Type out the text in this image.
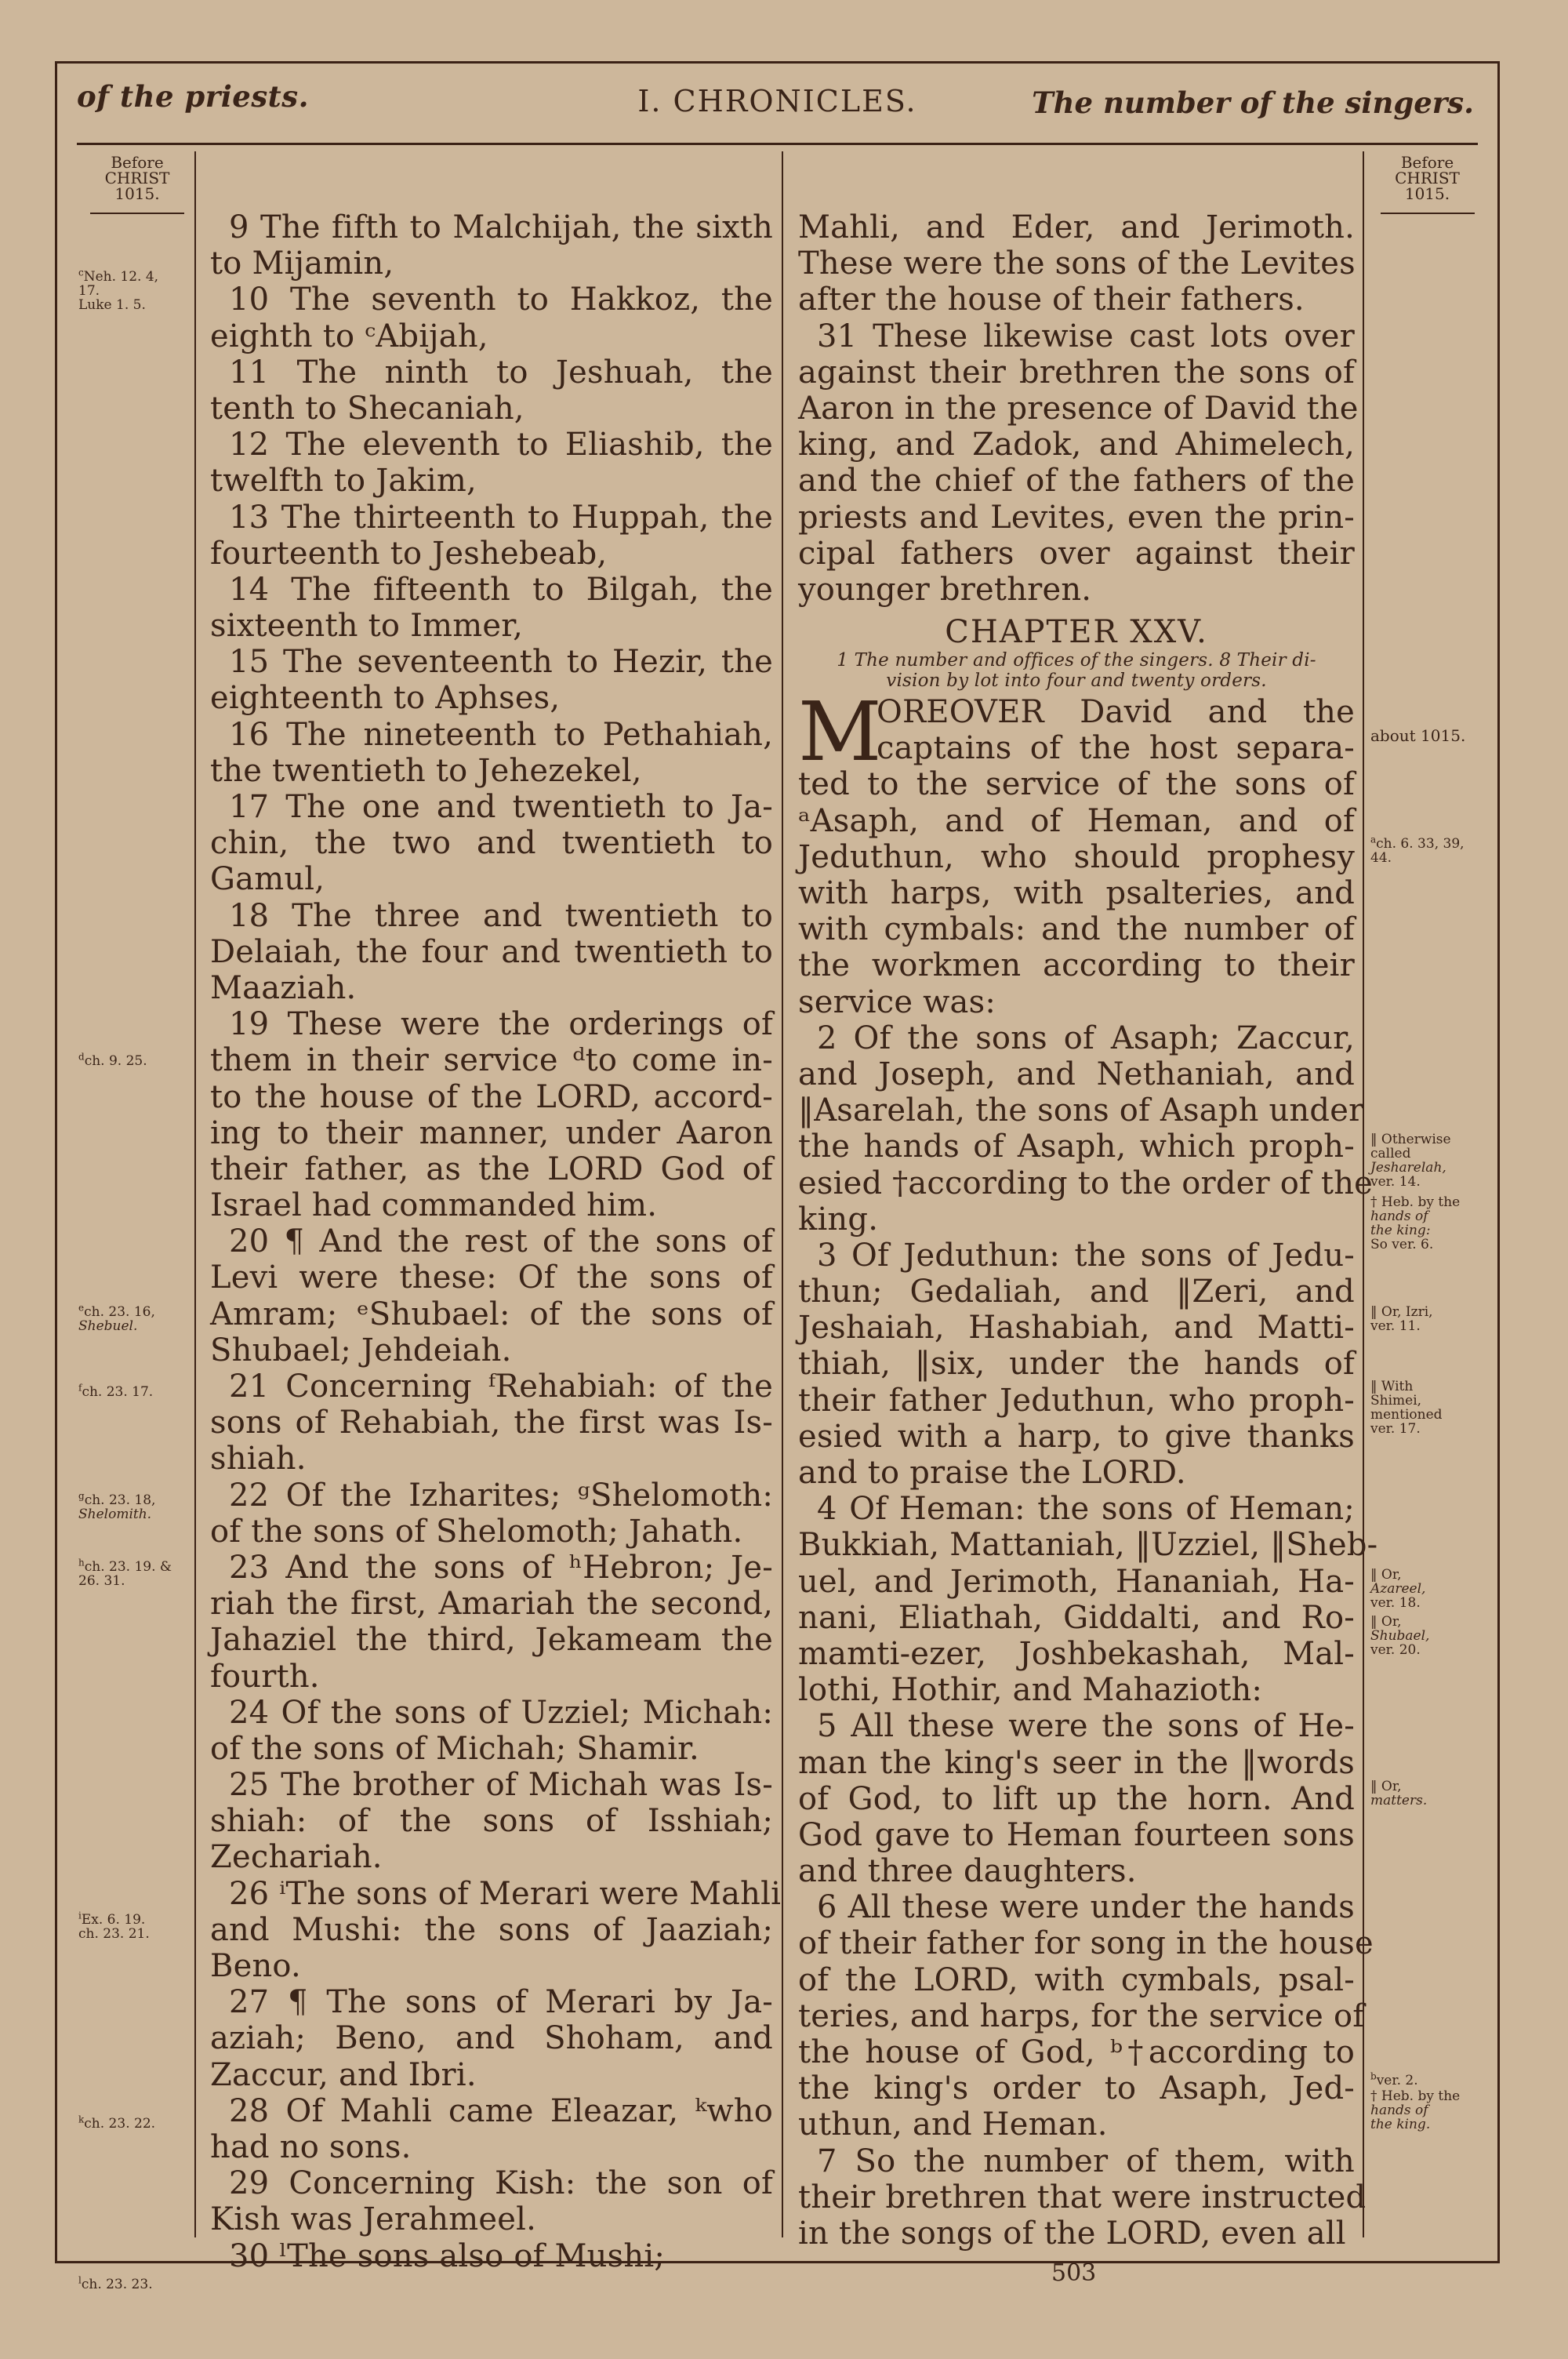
of the priests.	I. CHRONICLES.	The number of the singers.
Before
CHRIST
1015.
$^c$Neh. 12. 4,
17.
Luke 1. 5.
$^d$ch. 9. 25.
$^e$ch. 23. 16,
Shebuel.
$^f$ch. 23. 17.
$^g$ch. 23. 18,
Shelomith.
$^h$ch. 23. 19. &
26. 31.
$^i$Ex. 6. 19.
ch. 23. 21.
$^k$ch. 23. 22.
$^l$ch. 23. 23.
Before
CHRIST
1015.
about 1015.
$^a$ch. 6. 33, 39,
44.
‖ Otherwise
called
Jesharelah,
ver. 14.
† Heb. by the
hands of
the king:
So ver. 6.
‖ Or, Izri,
ver. 11.
‖ With
Shimei,
mentioned
ver. 17.
‖ Or,
Azareel,
ver. 18.
‖ Or,
Shubael,
ver. 20.
‖ Or,
matters.
$^b$ver. 2.
† Heb. by the
hands of
the king.
9 The fifth to Malchijah, the sixth
to Mijamin,
10 The seventh to Hakkoz, the
eighth to ᶜAbijah,
11 The ninth to Jeshuah, the
tenth to Shecaniah,
12 The eleventh to Eliashib, the
twelfth to Jakim,
13 The thirteenth to Huppah, the
fourteenth to Jeshebeab,
14 The fifteenth to Bilgah, the
sixteenth to Immer,
15 The seventeenth to Hezir, the
eighteenth to Aphses,
16 The nineteenth to Pethahiah,
the twentieth to Jehezekel,
17 The one and twentieth to Ja-
chin, the two and twentieth to
Gamul,
18 The three and twentieth to
Delaiah, the four and twentieth to
Maaziah.
19 These were the orderings of
them in their service ᵈto come in-
to the house of the LORD, accord-
ing to their manner, under Aaron
their father, as the LORD God of
Israel had commanded him.
20 ¶ And the rest of the sons of
Levi were these: Of the sons of
Amram; ᵉShubael: of the sons of
Shubael; Jehdeiah.
21 Concerning ᶠRehabiah: of the
sons of Rehabiah, the first was Is-
shiah.
22 Of the Izharites; ᵍShelomoth:
of the sons of Shelomoth; Jahath.
23 And the sons of ʰHebron; Je-
riah the first, Amariah the second,
Jahaziel the third, Jekameam the
fourth.
24 Of the sons of Uzziel; Michah:
of the sons of Michah; Shamir.
25 The brother of Michah was Is-
shiah: of the sons of Isshiah;
Zechariah.
26 ⁱThe sons of Merari were Mahli
and Mushi: the sons of Jaaziah;
Beno.
27 ¶ The sons of Merari by Ja-
aziah; Beno, and Shoham, and
Zaccur, and Ibri.
28 Of Mahli came Eleazar, ᵏwho
had no sons.
29 Concerning Kish: the son of
Kish was Jerahmeel.
30 ˡThe sons also of Mushi;
Mahli, and Eder, and Jerimoth.
These were the sons of the Levites
after the house of their fathers.
31 These likewise cast lots over
against their brethren the sons of
Aaron in the presence of David the
king, and Zadok, and Ahimelech,
and the chief of the fathers of the
priests and Levites, even the prin-
cipal fathers over against their
younger brethren.
CHAPTER XXV.
1 The number and offices of the singers. 8 Their di-
vision by lot into four and twenty orders.
M
OREOVER David and the
captains of the host separa-
ted to the service of the sons of
ᵃAsaph, and of Heman, and of
Jeduthun, who should prophesy
with harps, with psalteries, and
with cymbals: and the number of
the workmen according to their
service was:
2 Of the sons of Asaph; Zaccur,
and Joseph, and Nethaniah, and
‖Asarelah, the sons of Asaph under
the hands of Asaph, which proph-
esied †according to the order of the
king.
3 Of Jeduthun: the sons of Jedu-
thun; Gedaliah, and ‖Zeri, and
Jeshaiah, Hashabiah, and Matti-
thiah, ‖six, under the hands of
their father Jeduthun, who proph-
esied with a harp, to give thanks
and to praise the LORD.
4 Of Heman: the sons of Heman;
Bukkiah, Mattaniah, ‖Uzziel, ‖Sheb-
uel, and Jerimoth, Hananiah, Ha-
nani, Eliathah, Giddalti, and Ro-
mamti-ezer, Joshbekashah, Mal-
lothi, Hothir, and Mahazioth:
5 All these were the sons of He-
man the king's seer in the ‖words
of God, to lift up the horn. And
God gave to Heman fourteen sons
and three daughters.
6 All these were under the hands
of their father for song in the house
of the LORD, with cymbals, psal-
teries, and harps, for the service of
the house of God, ᵇ†according to
the king's order to Asaph, Jed-
uthun, and Heman.
7 So the number of them, with
their brethren that were instructed
in the songs of the LORD, even all
503
